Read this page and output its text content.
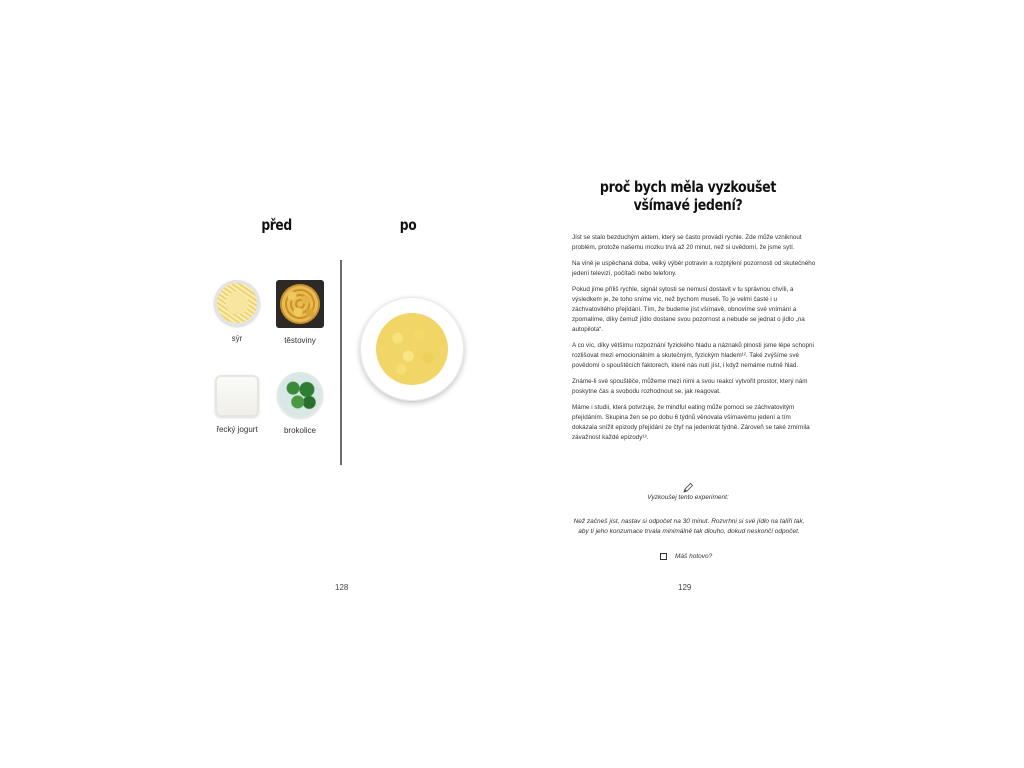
před	po
sýr	těstoviny
řecký jogurt	brokolice
128
proč bych měla vyzkoušet
všímavé jedení?

Jíst se stalo bezduchým aktem, který se často provádí rychle. Zde může vzniknout problém, protože našemu mozku trvá až 20 minut, než si uvědomí, že jsme sytí.

Na vině je uspěchaná doba, velký výběr potravin a rozptýlení pozornosti od skutečného jedení televizí, počítači nebo telefony.

Pokud jíme příliš rychle, signál sytosti se nemusí dostavit v tu správnou chvíli, a výsledkem je, že toho sníme víc, než bychom museli. To je velmi časté i u záchvatovitého přejídání. Tím, že budeme jíst všímavě, obnovíme své vnímání a zpomalíme, díky čemuž jídlo dostane svou pozornost a nebude se jednat o jídlo „na autopilota“.

A co víc, díky většímu rozpoznání fyzického hladu a náznaků plnosti jsme lépe schopni rozlišovat mezi emocionálním a skutečným, fyzickým hladem¹². Také zvýšíme své povědomí o spouštěcích faktorech, které nás nutí jíst, i když nemáme nutně hlad.

Známe-li své spouštěče, můžeme mezi nimi a svou reakcí vytvořit prostor, který nám poskytne čas a svobodu rozhodnout se, jak reagovat.

Máme i studii, která potvrzuje, že mindful eating může pomoci se záchvatovitým přejídáním. Skupina žen se po dobu 6 týdnů věnovala všímavému jedení a tím dokázala snížit epizody přejídání ze čtyř na jedenkrát týdně. Zároveň se také zmírnila závažnost každé epizody¹³.

Vyzkoušej tento experiment:
Než začneš jíst, nastav si odpočet na 30 minut. Rozvrhni si své jídlo na talíři tak, aby ti jeho konzumace trvala minimálně tak dlouho, dokud neskončí odpočet.
Máš hotovo?
129
